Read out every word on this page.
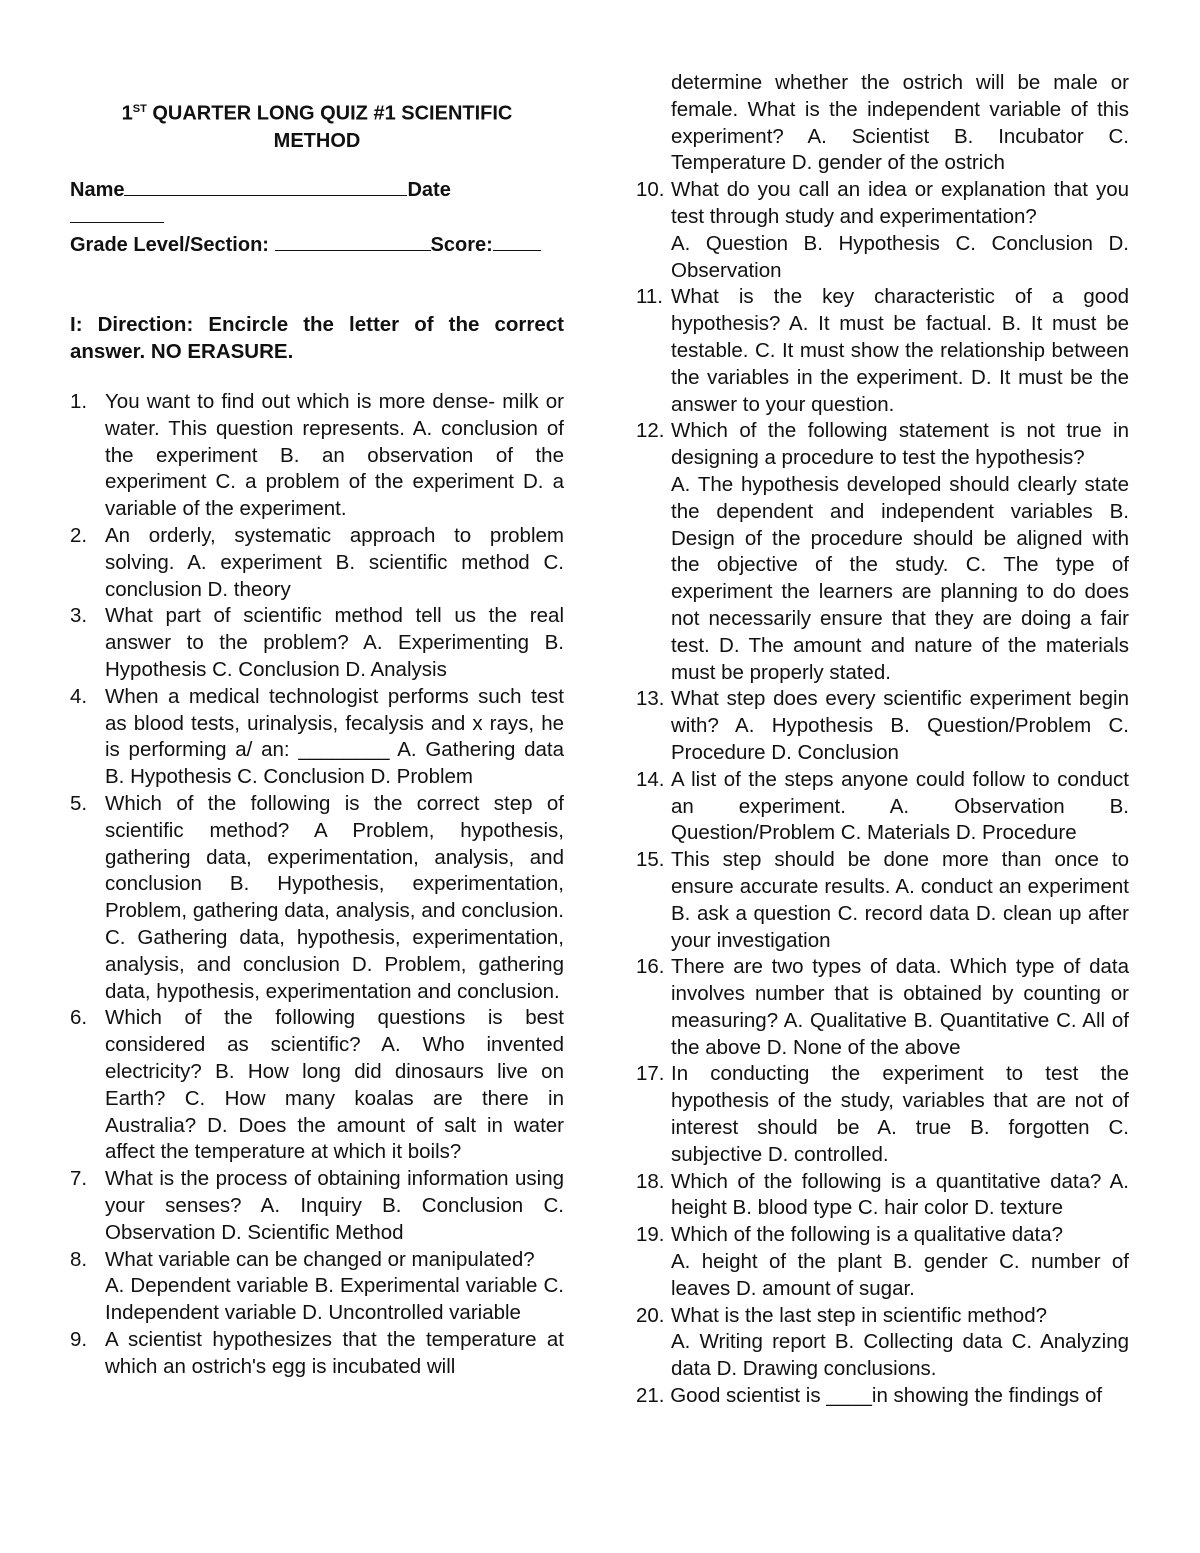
1ST QUARTER LONG QUIZ #1 SCIENTIFIC
METHOD
Name	Date

Grade Level/Section:	Score:
I: Direction: Encircle the letter of the correct answer. NO ERASURE.
1. You want to find out which is more dense- milk or water. This question represents. A. conclusion of the experiment B. an observation of the experiment C. a problem of the experiment D. a variable of the experiment.
2. An orderly, systematic approach to problem solving. A. experiment B. scientific method C. conclusion D. theory
3. What part of scientific method tell us the real answer to the problem? A. Experimenting B. Hypothesis C. Conclusion D. Analysis
4. When a medical technologist performs such test as blood tests, urinalysis, fecalysis and x rays, he is performing a/ an: ________ A. Gathering data B. Hypothesis C. Conclusion D. Problem
5. Which of the following is the correct step of scientific method? A Problem, hypothesis, gathering data, experimentation, analysis, and conclusion B. Hypothesis, experimentation, Problem, gathering data, analysis, and conclusion. C. Gathering data, hypothesis, experimentation, analysis, and conclusion D. Problem, gathering data, hypothesis, experimentation and conclusion.
6. Which of the following questions is best considered as scientific? A. Who invented electricity? B. How long did dinosaurs live on Earth? C. How many koalas are there in Australia? D. Does the amount of salt in water affect the temperature at which it boils?
7. What is the process of obtaining information using your senses? A. Inquiry B. Conclusion C. Observation D. Scientific Method
8. What variable can be changed or manipulated?
A. Dependent variable B. Experimental variable C. Independent variable D. Uncontrolled variable
9. A scientist hypothesizes that the temperature at which an ostrich's egg is incubated will
determine whether the ostrich will be male or female. What is the independent variable of this experiment? A. Scientist B. Incubator C. Temperature D. gender of the ostrich
10. What do you call an idea or explanation that you test through study and experimentation?
A. Question B. Hypothesis C. Conclusion D. Observation
11. What is the key characteristic of a good hypothesis? A. It must be factual. B. It must be testable. C. It must show the relationship between the variables in the experiment. D. It must be the answer to your question.
12. Which of the following statement is not true in designing a procedure to test the hypothesis?
A. The hypothesis developed should clearly state the dependent and independent variables B. Design of the procedure should be aligned with the objective of the study. C. The type of experiment the learners are planning to do does not necessarily ensure that they are doing a fair test. D. The amount and nature of the materials must be properly stated.
13. What step does every scientific experiment begin with? A. Hypothesis B. Question/Problem C. Procedure D. Conclusion
14. A list of the steps anyone could follow to conduct an experiment. A. Observation B. Question/Problem C. Materials D. Procedure
15. This step should be done more than once to ensure accurate results. A. conduct an experiment B. ask a question C. record data D. clean up after your investigation
16. There are two types of data. Which type of data involves number that is obtained by counting or measuring? A. Qualitative B. Quantitative C. All of the above D. None of the above
17. In conducting the experiment to test the hypothesis of the study, variables that are not of interest should be A. true B. forgotten C. subjective D. controlled.
18. Which of the following is a quantitative data? A. height B. blood type C. hair color D. texture
19. Which of the following is a qualitative data?
A. height of the plant B. gender C. number of leaves D. amount of sugar.
20. What is the last step in scientific method?
A. Writing report B. Collecting data C. Analyzing data D. Drawing conclusions.
21. Good scientist is ____in showing the findings of
